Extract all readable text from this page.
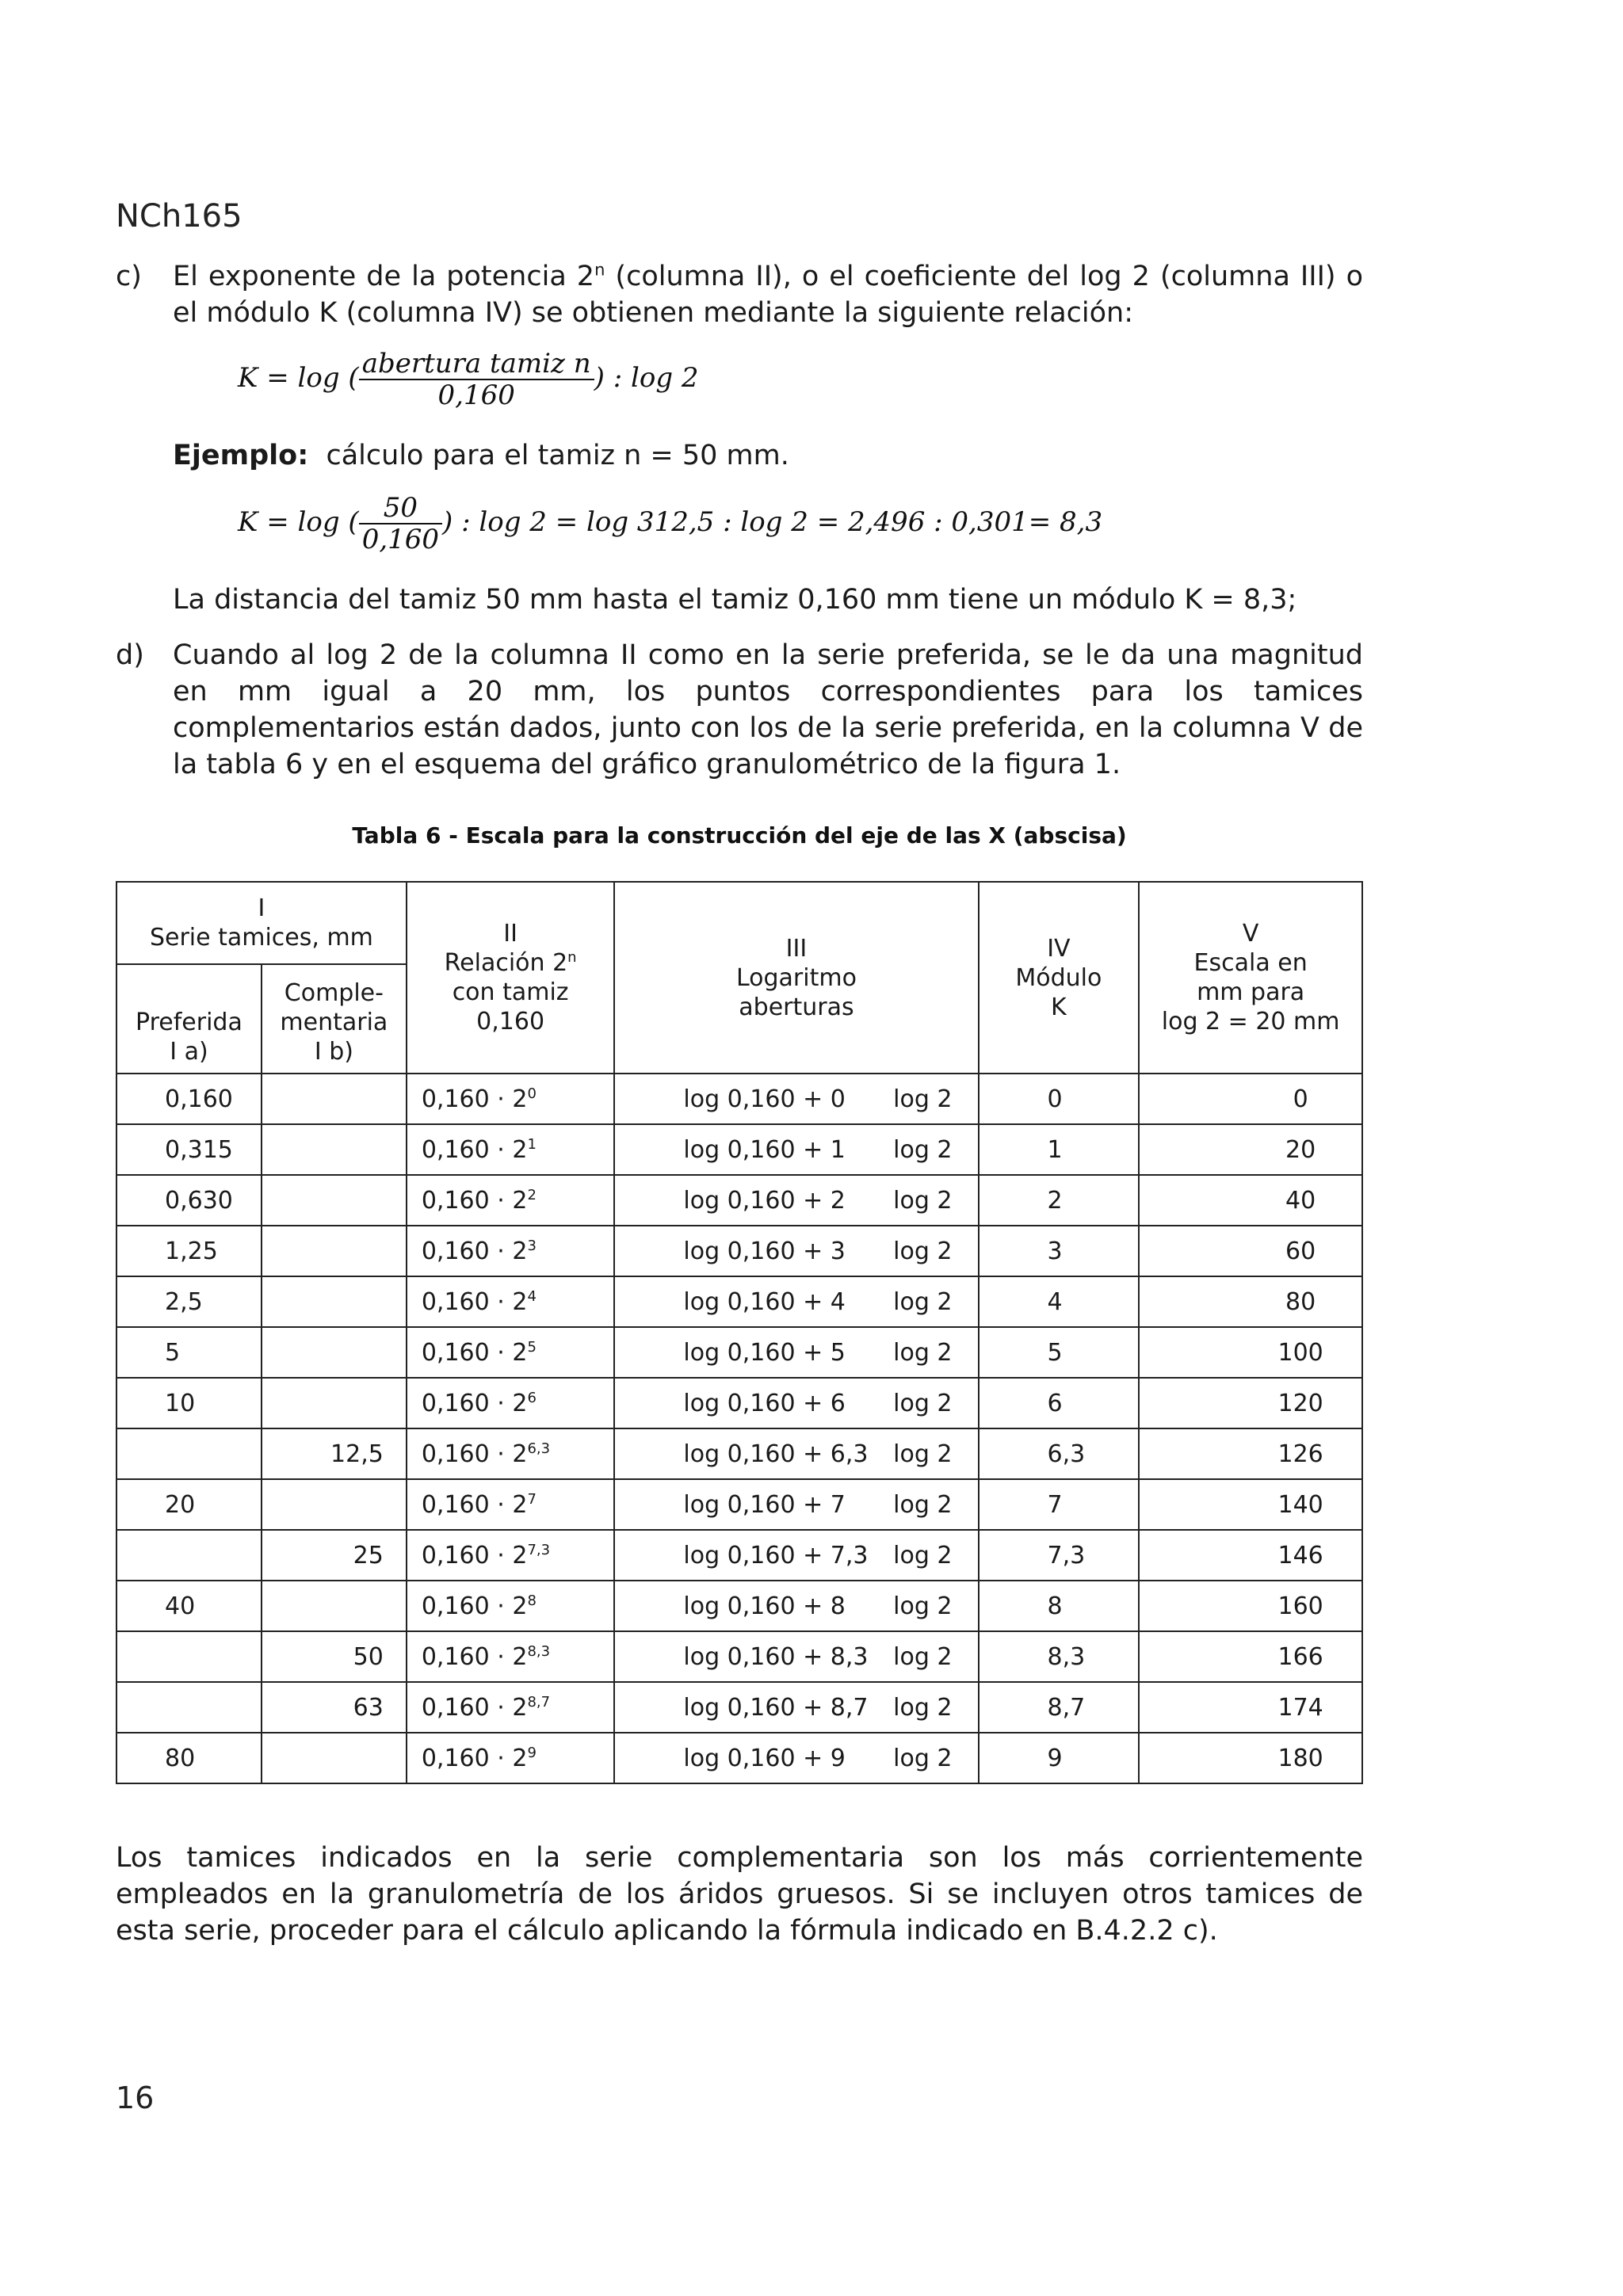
NCh165
c)	El exponente de la potencia 2$^n$ (columna II), o el coeficiente del log 2 (columna III) o el módulo K (columna IV) se obtienen mediante la siguiente relación:
K = log ( $\frac{\text{abertura tamiz n}}{0,160}$ ) : log 2
Ejemplo: cálculo para el tamiz n = 50 mm.
K = log ( $\frac{50}{0,160}$ ) : log 2 = log 312,5 : log 2 = 2,496 : 0,301= 8,3
La distancia del tamiz 50 mm hasta el tamiz 0,160 mm tiene un módulo K = 8,3;
d)	Cuando al log 2 de la columna II como en la serie preferida, se le da una magnitud en mm igual a 20 mm, los puntos correspondientes para los tamices complementarios están dados, junto con los de la serie preferida, en la columna V de la tabla 6 y en el esquema del gráfico granulométrico de la figura 1.
Tabla 6 - Escala para la construcción del eje de las X (abscisa)
I
Serie tamices, mm		II
Relación 2$^n$
con tamiz
0,160	III
Logaritmo
aberturas	IV
Módulo
K	V
Escala en
mm para
log 2 = 20 mm
Preferida
I a)	Comple-mentaria
I b)				
0,160		$0,160 \cdot 2^0$	log 0,160 + 0 log 2	0	0
0,315		$0,160 \cdot 2^1$	log 0,160 + 1 log 2	1	20
0,630		$0,160 \cdot 2^2$	log 0,160 + 2 log 2	2	40
1,25		$0,160 \cdot 2^3$	log 0,160 + 3 log 2	3	60
2,5		$0,160 \cdot 2^4$	log 0,160 + 4 log 2	4	80
5		$0,160 \cdot 2^5$	log 0,160 + 5 log 2	5	100
10		$0,160 \cdot 2^6$	log 0,160 + 6 log 2	6	120
	12,5	$0,160 \cdot 2^{6,3}$	log 0,160 + 6,3 log 2	6,3	126
20		$0,160 \cdot 2^7$	log 0,160 + 7 log 2	7	140
	25	$0,160 \cdot 2^{7,3}$	log 0,160 + 7,3 log 2	7,3	146
40		$0,160 \cdot 2^8$	log 0,160 + 8 log 2	8	160
	50	$0,160 \cdot 2^{8,3}$	log 0,160 + 8,3 log 2	8,3	166
	63	$0,160 \cdot 2^{8,7}$	log 0,160 + 8,7 log 2	8,7	174
80		$0,160 \cdot 2^9$	log 0,160 + 9 log 2	9	180
Los tamices indicados en la serie complementaria son los más corrientemente empleados en la granulometría de los áridos gruesos. Si se incluyen otros tamices de esta serie, proceder para el cálculo aplicando la fórmula indicado en B.4.2.2 c).
16
